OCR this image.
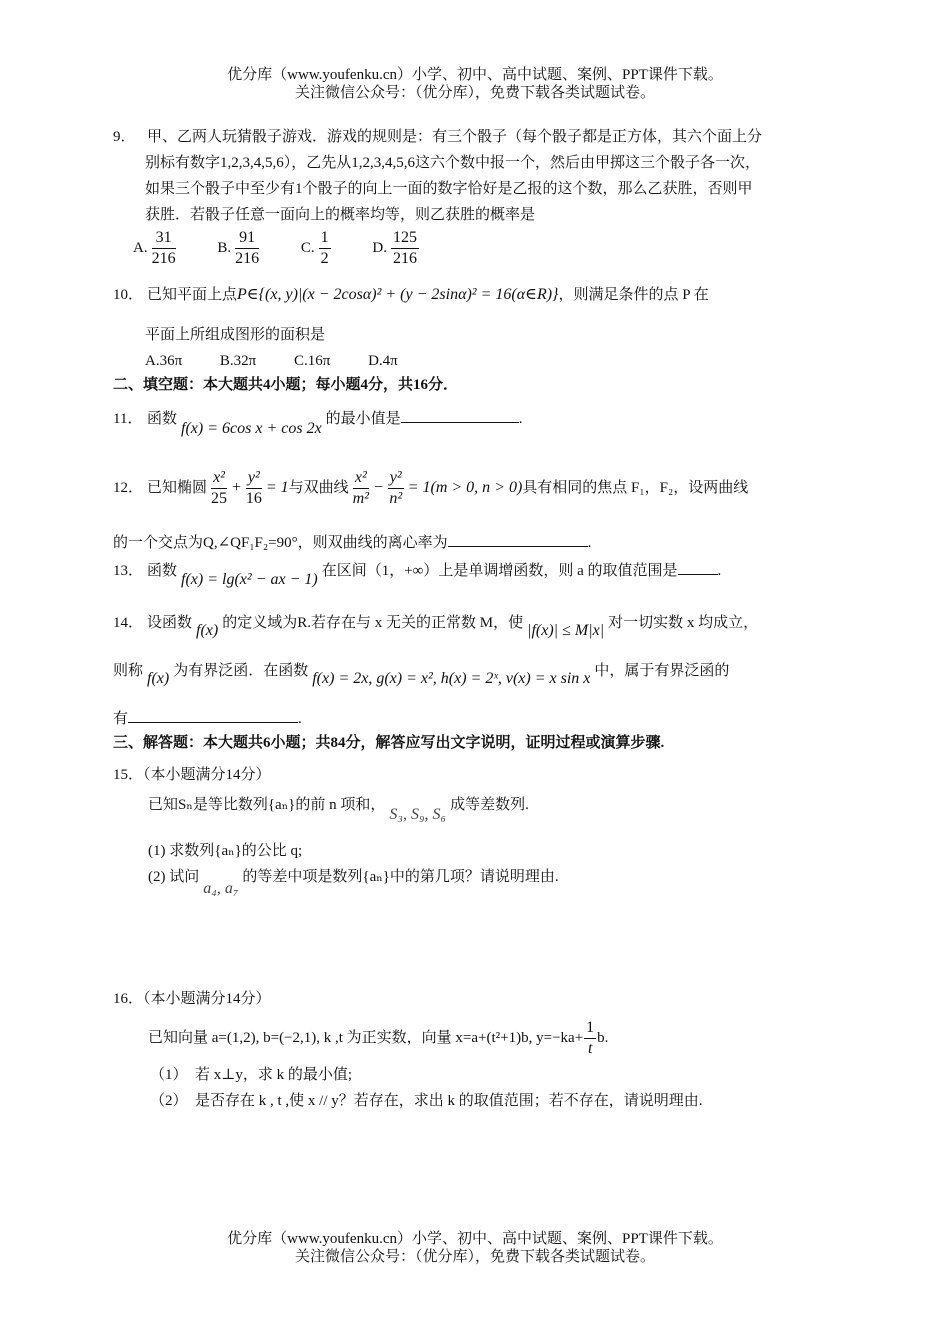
优分库（www.youfenku.cn）小学、初中、高中试题、案例、PPT课件下载。
关注微信公众号：（优分库），免费下载各类试题试卷。
9． 甲、乙两人玩猜骰子游戏．游戏的规则是：有三个骰子（每个骰子都是正方体，其六个面上分
别标有数字1,2,3,4,5,6），乙先从1,2,3,4,5,6这六个数中报一个，然后由甲掷这三个骰子各一次，
如果三个骰子中至少有1个骰子的向上一面的数字恰好是乙报的这个数，那么乙获胜，否则甲
获胜．若骰子任意一面向上的概率均等，则乙获胜的概率是
A. $\frac{31}{216}$	B. $\frac{91}{216}$	C. $\frac{1}{2}$	D. $\frac{125}{216}$
10． 已知平面上点P∈{(x, y)|(x − 2cosα)² + (y − 2sinα)² = 16(α∈R)}，则满足条件的点 P 在
平面上所组成图形的面积是
A.36π	B.32π	C.16π	D.4π
二、填空题：本大题共4小题；每小题4分，共16分．
11． 函数f(x) = 6cos x + cos 2x的最小值是	.
12． 已知椭圆 $\frac{\text{x²}}{25} + \frac{\text{y²}}{16} = 1$与双曲线 $\frac{\text{x²}}{\text{m²}} - \frac{\text{y²}}{\text{n²}} = 1(m > 0$, n > 0)具有相同的焦点 F₁，F₂，设两曲线
的一个交点为Q,∠QF₁F₂=90°，则双曲线的离心率为	.
13． 函数 f(x) = lg(x² − ax − 1) 在区间（1，+∞）上是单调增函数，则 a 的取值范围是	.
14． 设函数 f(x) 的定义域为R.若存在与 x 无关的正常数 M，使 |f(x)| ≤ M|x| 对一切实数 x 均成立，
则称 f(x) 为有界泛函．在函数 f(x) = 2x, g(x) = x², h(x) = 2ˣ, v(x) = x sin x 中，属于有界泛函的
有	.
三、解答题：本大题共6小题；共84分，解答应写出文字说明，证明过程或演算步骤.
15．（本小题满分14分）
已知Sₙ是等比数列{aₙ}的前 n 项和，S₃, S₉, S₆成等差数列.
(1) 求数列{aₙ}的公比 q;
(2) 试问a₄, a₇的等差中项是数列{aₙ}中的第几项？请说明理由.
16．（本小题满分14分）
已知向量 a=(1,2), b=(−2,1), k ,t 为正实数，向量 x=a+(t²+1)b, $y=-ka+ \frac{1}{t} b$.
（1）　若 x⊥y，求 k 的最小值;
（2）　是否存在 k , t ,使 x // y？若存在，求出 k 的取值范围；若不存在，请说明理由.
优分库（www.youfenku.cn）小学、初中、高中试题、案例、PPT课件下载。
关注微信公众号：（优分库），免费下载各类试题试卷。
